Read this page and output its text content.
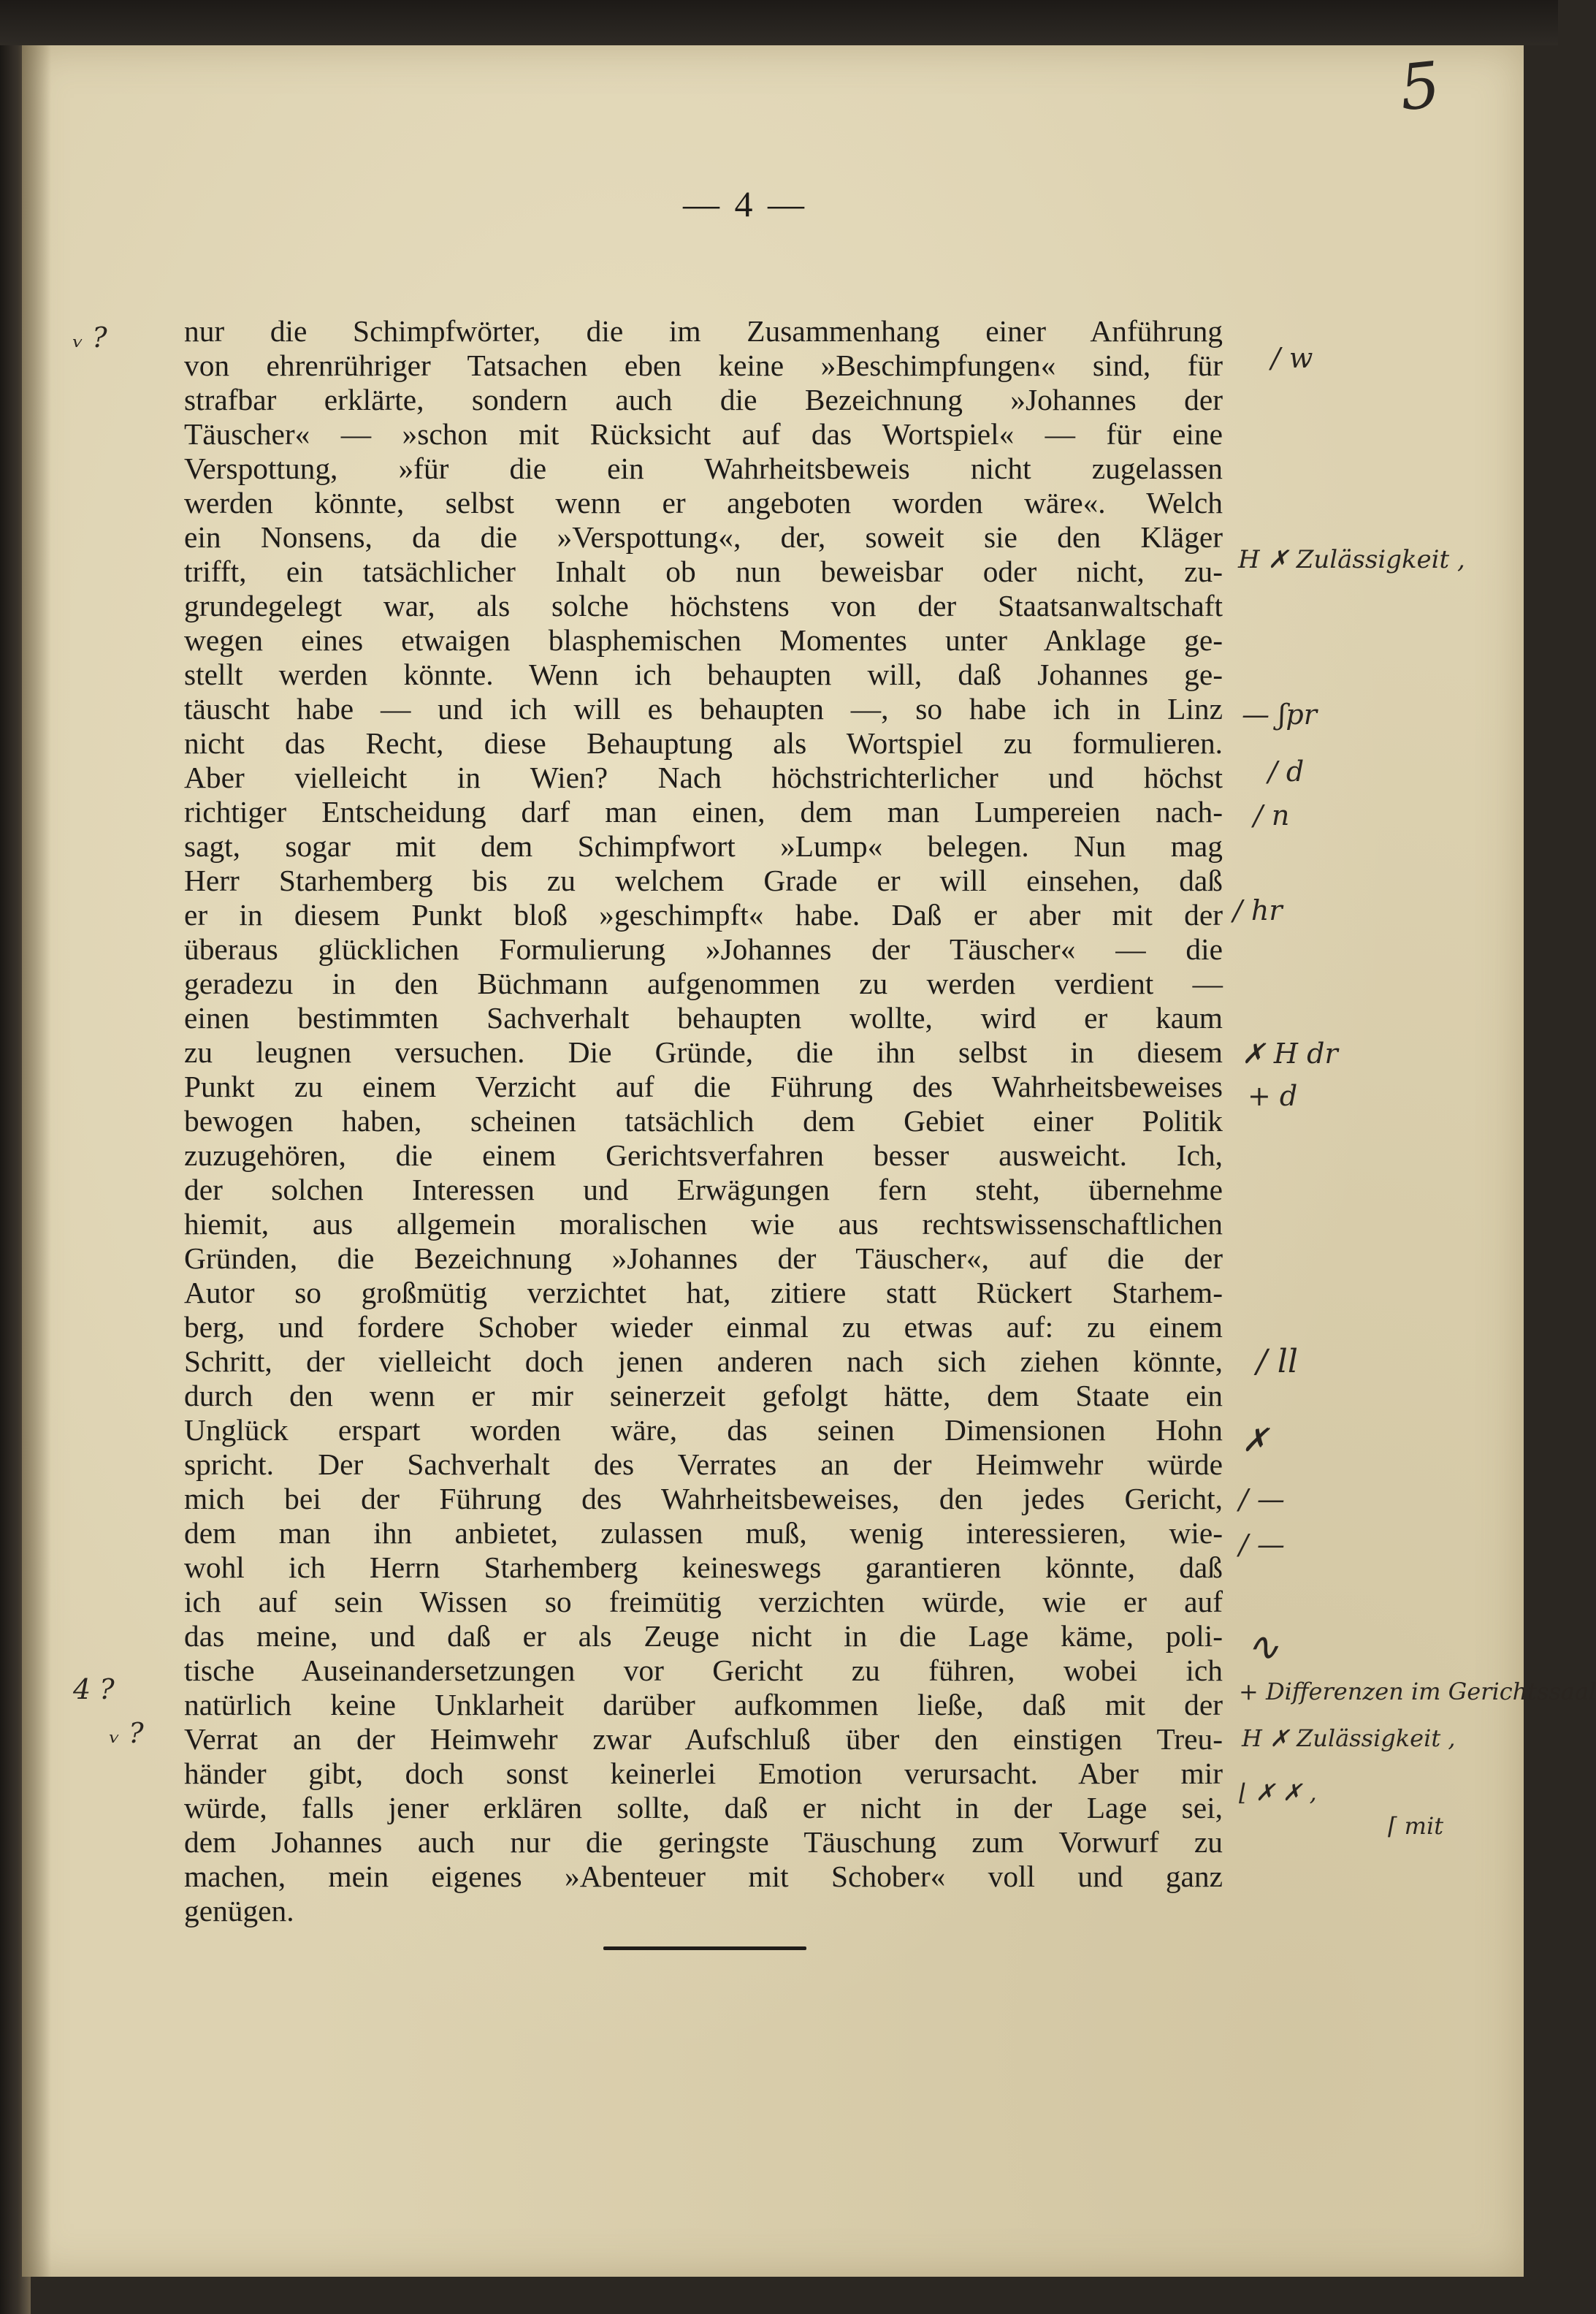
5
— 4 —
nur die Schimpfwörter, die im Zusammenhang einer Anführung
von ehrenrühriger Tatsachen eben keine »Beschimpfungen« sind, für
strafbar erklärte, sondern auch die Bezeichnung »Johannes der
Täuscher« — »schon mit Rücksicht auf das Wortspiel« — für eine
Verspottung, »für die ein Wahrheitsbeweis nicht zugelassen
werden könnte, selbst wenn er angeboten worden wäre«. Welch
ein Nonsens, da die »Verspottung«, der, soweit sie den Kläger
trifft, ein tatsächlicher Inhalt ob nun beweisbar oder nicht, zu-
grundegelegt war, als solche höchstens von der Staatsanwaltschaft
wegen eines etwaigen blasphemischen Momentes unter Anklage ge-
stellt werden könnte. Wenn ich behaupten will, daß Johannes ge-
täuscht habe — und ich will es behaupten —, so habe ich in Linz
nicht das Recht, diese Behauptung als Wortspiel zu formulieren.
Aber vielleicht in Wien? Nach höchstrichterlicher und höchst
richtiger Entscheidung darf man einen, dem man Lumpereien nach-
sagt, sogar mit dem Schimpfwort »Lump« belegen. Nun mag
Herr Starhemberg bis zu welchem Grade er will einsehen, daß
er in diesem Punkt bloß »geschimpft« habe. Daß er aber mit der
überaus glücklichen Formulierung »Johannes der Täuscher« — die
geradezu in den Büchmann aufgenommen zu werden verdient —
einen bestimmten Sachverhalt behaupten wollte, wird er kaum
zu leugnen versuchen. Die Gründe, die ihn selbst in diesem
Punkt zu einem Verzicht auf die Führung des Wahrheitsbeweises
bewogen haben, scheinen tatsächlich dem Gebiet einer Politik
zuzugehören, die einem Gerichtsverfahren besser ausweicht. Ich,
der solchen Interessen und Erwägungen fern steht, übernehme
hiemit, aus allgemein moralischen wie aus rechtswissenschaftlichen
Gründen, die Bezeichnung »Johannes der Täuscher«, auf die der
Autor so großmütig verzichtet hat, zitiere statt Rückert Starhem-
berg, und fordere Schober wieder einmal zu etwas auf: zu einem
Schritt, der vielleicht doch jenen anderen nach sich ziehen könnte,
durch den wenn er mir seinerzeit gefolgt hätte, dem Staate ein
Unglück erspart worden wäre, das seinen Dimensionen Hohn
spricht. Der Sachverhalt des Verrates an der Heimwehr würde
mich bei der Führung des Wahrheitsbeweises, den jedes Gericht,
dem man ihn anbietet, zulassen muß, wenig interessieren, wie-
wohl ich Herrn Starhemberg keineswegs garantieren könnte, daß
ich auf sein Wissen so freimütig verzichten würde, wie er auf
das meine, und daß er als Zeuge nicht in die Lage käme, poli-
tische Auseinandersetzungen vor Gericht zu führen, wobei ich
natürlich keine Unklarheit darüber aufkommen ließe, daß mit der
Verrat an der Heimwehr zwar Aufschluß über den einstigen Treu-
händer gibt, doch sonst keinerlei Emotion verursacht. Aber mir
würde, falls jener erklären sollte, daß er nicht in der Lage sei,
dem Johannes auch nur die geringste Täuschung zum Vorwurf zu
machen, mein eigenes »Abenteuer mit Schober« voll und ganz
genügen.
ᵥ ?
4 ?
ᵥ ?
/ w
H ✗ Zulässigkeit ,
— ʃpr
/ d
/ n
/ hr
✗ H dr
+ d
/ ll
✗
/ —
/ —
∿
+ Differenzen im Gerichtssaal
H ✗ Zulässigkeit ,
⌊ ✗ ✗ ,
⌈ mit
